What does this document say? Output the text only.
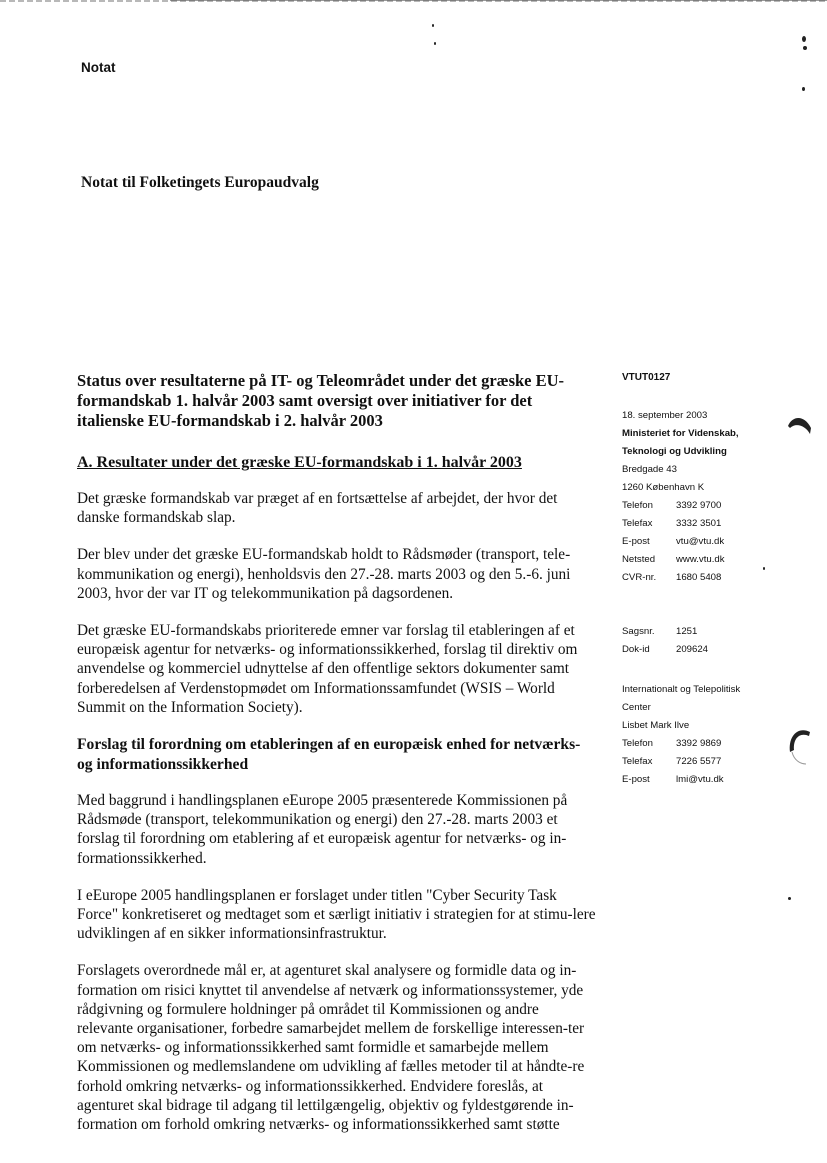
Notat
Notat til Folketingets Europaudvalg
Status over resultaterne på IT- og Teleområdet under det græske EU-formandskab 1. halvår 2003 samt oversigt over initiativer for det italienske EU-formandskab i 2. halvår 2003
A. Resultater under det græske EU-formandskab i 1. halvår 2003

Det græske formandskab var præget af en fortsættelse af arbejdet, der hvor det danske formandskab slap.

Der blev under det græske EU-formandskab holdt to Rådsmøder (transport, tele-kommunikation og energi), henholdsvis den 27.-28. marts 2003 og den 5.-6. juni 2003, hvor der var IT og telekommunikation på dagsordenen.

Det græske EU-formandskabs prioriterede emner var forslag til etableringen af et europæisk agentur for netværks- og informationssikkerhed, forslag til direktiv om anvendelse og kommerciel udnyttelse af den offentlige sektors dokumenter samt forberedelsen af Verdenstopmødet om Informationssamfundet (WSIS – World Summit on the Information Society).

Forslag til forordning om etableringen af en europæisk enhed for netværks- og informationssikkerhed

Med baggrund i handlingsplanen eEurope 2005 præsenterede Kommissionen på Rådsmøde (transport, telekommunikation og energi) den 27.-28. marts 2003 et forslag til forordning om etablering af et europæisk agentur for netværks- og in-formationssikkerhed.

I eEurope 2005 handlingsplanen er forslaget under titlen "Cyber Security Task Force" konkretiseret og medtaget som et særligt initiativ i strategien for at stimu-lere udviklingen af en sikker informationsinfrastruktur.

Forslagets overordnede mål er, at agenturet skal analysere og formidle data og in-formation om risici knyttet til anvendelse af netværk og informationssystemer, yde rådgivning og formulere holdninger på området til Kommissionen og andre relevante organisationer, forbedre samarbejdet mellem de forskellige interessen-ter om netværks- og informationssikkerhed samt formidle et samarbejde mellem Kommissionen og medlemslandene om udvikling af fælles metoder til at håndte-re forhold omkring netværks- og informationssikkerhed. Endvidere foreslås, at agenturet skal bidrage til adgang til lettilgængelig, objektiv og fyldestgørende in-formation om forhold omkring netværks- og informationssikkerhed samt støtte

VTUT0127
18. september 2003
Ministeriet for Videnskab,
Teknologi og Udvikling
Bredgade 43
1260 København K
Telefon	3392 9700
Telefax	3332 3501
E-post	vtu@vtu.dk
Netsted	www.vtu.dk
CVR-nr.	1680 5408
Sagsnr.	1251
Dok-id	209624
Internationalt og Telepolitisk
Center
Lisbet Mark Ilve
Telefon	3392 9869
Telefax	7226 5577
E-post	lmi@vtu.dk
